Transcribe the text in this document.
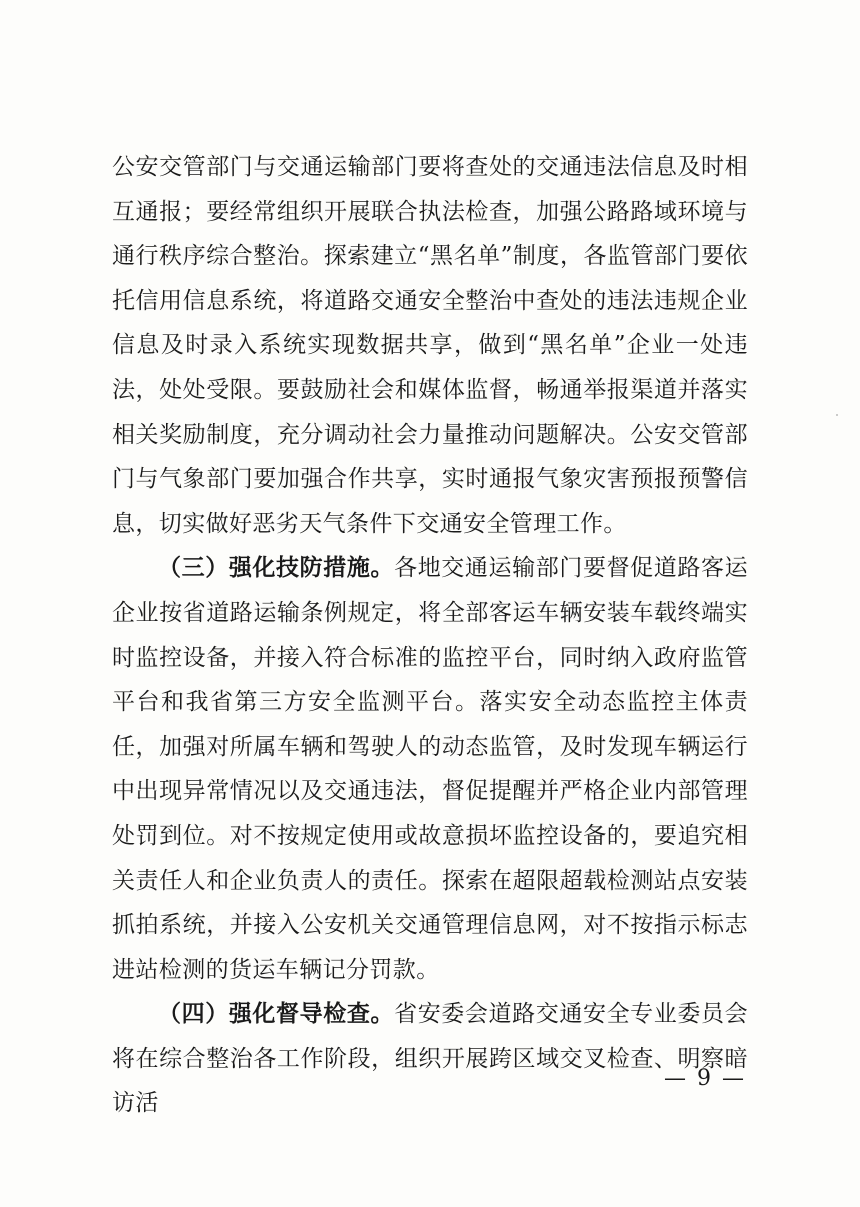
公安交管部门与交通运输部门要将查处的交通违法信息及时相互通报；要经常组织开展联合执法检查，加强公路路域环境与通行秩序综合整治。探索建立“黑名单”制度，各监管部门要依托信用信息系统，将道路交通安全整治中查处的违法违规企业信息及时录入系统实现数据共享，做到“黑名单”企业一处违法，处处受限。要鼓励社会和媒体监督，畅通举报渠道并落实相关奖励制度，充分调动社会力量推动问题解决。公安交管部门与气象部门要加强合作共享，实时通报气象灾害预报预警信息，切实做好恶劣天气条件下交通安全管理工作。

（三）强化技防措施。各地交通运输部门要督促道路客运企业按省道路运输条例规定，将全部客运车辆安装车载终端实时监控设备，并接入符合标准的监控平台，同时纳入政府监管平台和我省第三方安全监测平台。落实安全动态监控主体责任，加强对所属车辆和驾驶人的动态监管，及时发现车辆运行中出现异常情况以及交通违法，督促提醒并严格企业内部管理处罚到位。对不按规定使用或故意损坏监控设备的，要追究相关责任人和企业负责人的责任。探索在超限超载检测站点安装抓拍系统，并接入公安机关交通管理信息网，对不按指示标志进站检测的货运车辆记分罚款。

（四）强化督导检查。省安委会道路交通安全专业委员会将在综合整治各工作阶段，组织开展跨区域交叉检查、明察暗访活

— 9 —
